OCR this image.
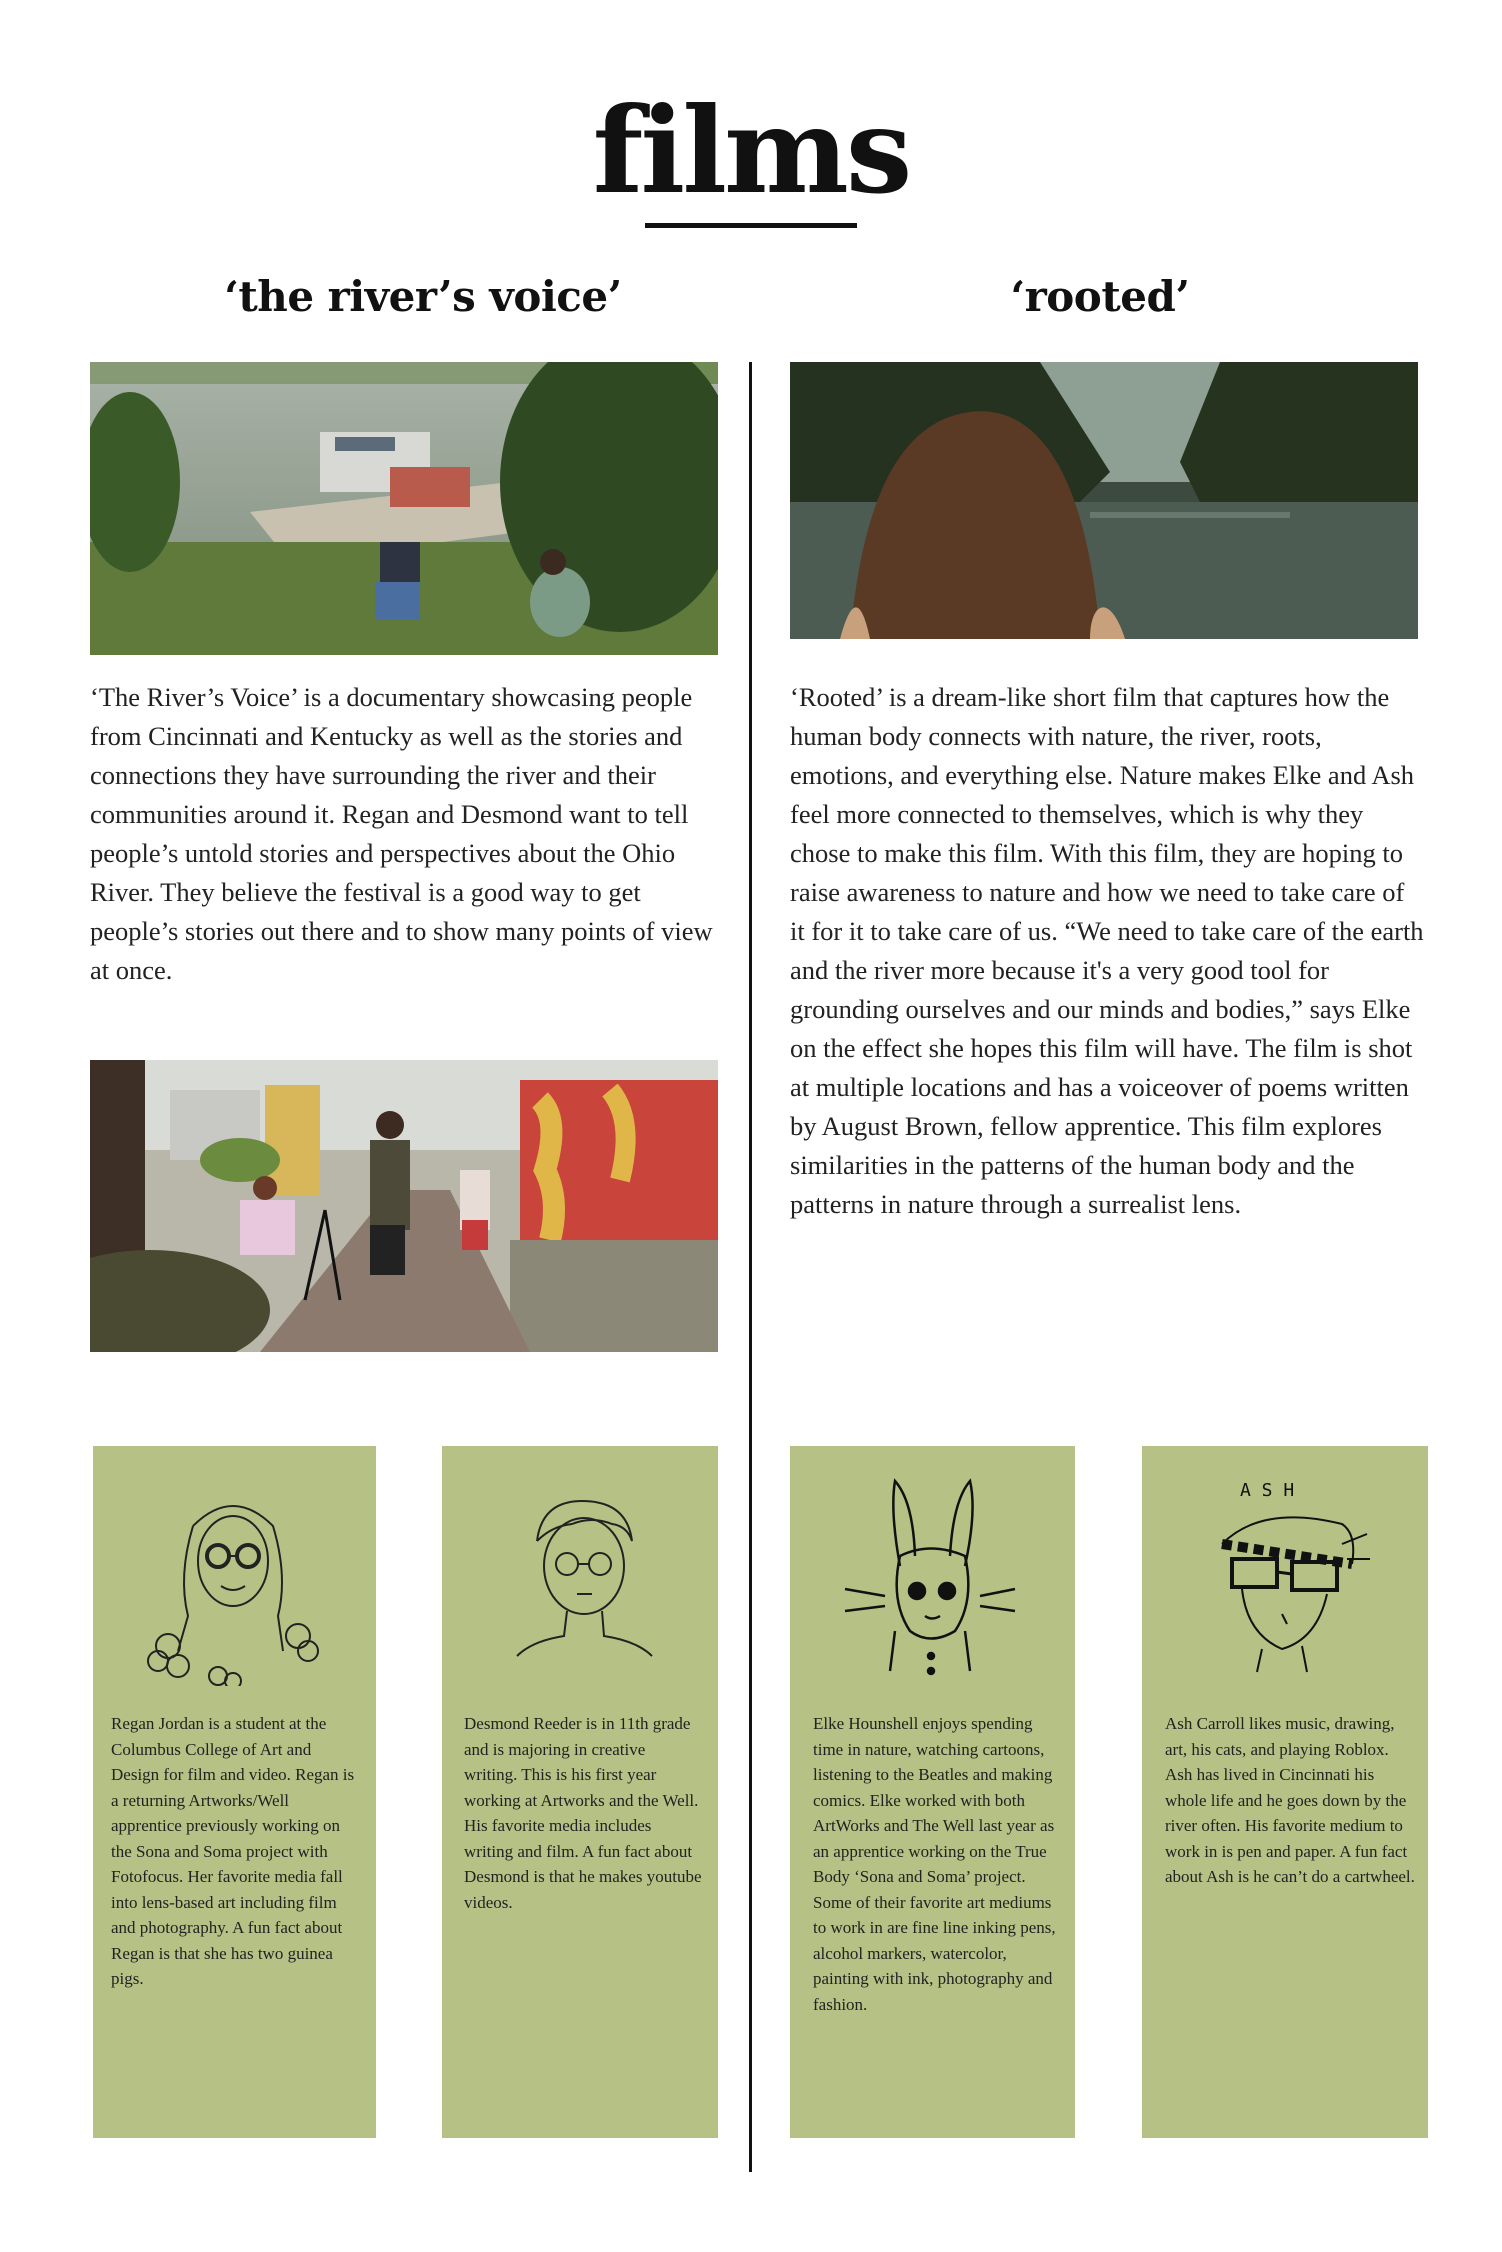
films
‘the river’s voice’	‘rooted’
‘The River’s Voice’ is a documentary showcasing people from Cincinnati and Kentucky as well as the stories and connections they have surrounding the river and their communities around it. Regan and Desmond want to tell people’s untold stories and perspectives about the Ohio River. They believe the festival is a good way to get people’s stories out there and to show many points of view at once.
‘Rooted’ is a dream-like short film that captures how the human body connects with nature, the river, roots, emotions, and everything else. Nature makes Elke and Ash feel more connected to themselves, which is why they chose to make this film. With this film, they are hoping to raise awareness to nature and how we need to take care of it for it to take care of us. “We need to take care of the earth and the river more because it's a very good tool for grounding ourselves and our minds and bodies,” says Elke on the effect she hopes this film will have. The film is shot at multiple locations and has a voiceover of poems written by August Brown, fellow apprentice. This film explores similarities in the patterns of the human body and the patterns in nature through a surrealist lens.
Regan Jordan is a student at the Columbus College of Art and Design for film and video. Regan is a returning Artworks/Well apprentice previously working on the Sona and Soma project with Fotofocus. Her favorite media fall into lens-based art including film and photography. A fun fact about Regan is that she has two guinea pigs.
Desmond Reeder is in 11th grade and is majoring in creative writing. This is his first year working at Artworks and the Well. His favorite media includes writing and film. A fun fact about Desmond is that he makes youtube videos.
Elke Hounshell enjoys spending time in nature, watching cartoons, listening to the Beatles and making comics. Elke worked with both ArtWorks and The Well last year as an apprentice working on the True Body ‘Sona and Soma’ project. Some of their favorite art mediums to work in are fine line inking pens, alcohol markers, watercolor, painting with ink, photography and fashion.
A S H
Ash Carroll likes music, drawing, art, his cats, and playing Roblox. Ash has lived in Cincinnati his whole life and he goes down by the river often. His favorite medium to work in is pen and paper. A fun fact about Ash is he can’t do a cartwheel.
